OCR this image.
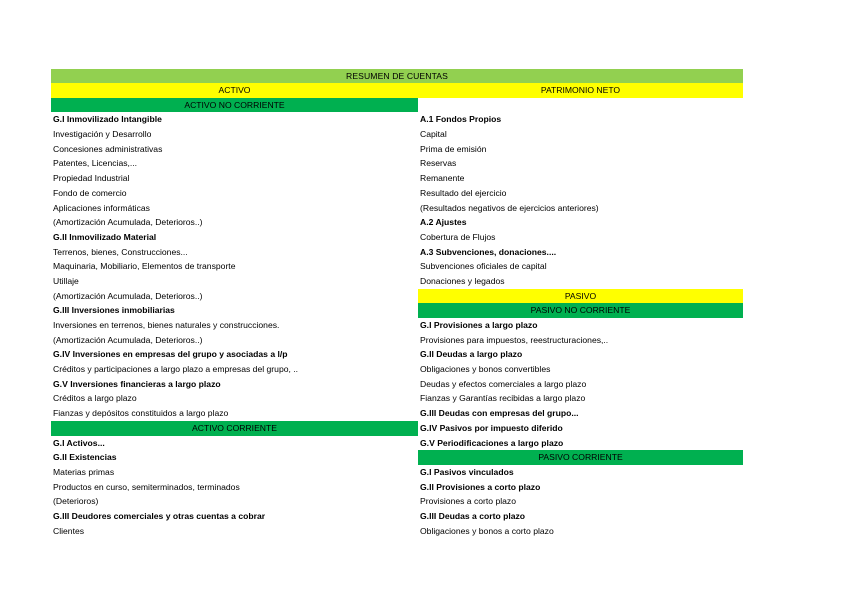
RESUMEN DE CUENTAS
ACTIVO
ACTIVO NO CORRIENTE
G.I Inmovilizado Intangible
Investigación y Desarrollo
Concesiones administrativas
Patentes, Licencias,...
Propiedad Industrial
Fondo de comercio
Aplicaciones informáticas
(Amortización Acumulada, Deterioros..)
G.II Inmovilizado Material
Terrenos, bienes, Construcciones...
Maquinaria, Mobiliario, Elementos de transporte
Utillaje
(Amortización Acumulada, Deterioros..)
G.III Inversiones inmobiliarias
Inversiones en terrenos, bienes naturales y construcciones.
(Amortización Acumulada, Deterioros..)
G.IV Inversiones en empresas del grupo y asociadas a l/p
Créditos y participaciones a largo plazo a empresas del grupo, ..
G.V Inversiones financieras a largo plazo
Créditos a largo plazo
Fianzas y depósitos constituidos a largo plazo
ACTIVO CORRIENTE
G.I Activos...
G.II Existencias
Materias primas
Productos en curso, semiterminados, terminados
(Deterioros)
G.III Deudores comerciales y otras cuentas a cobrar
Clientes
PATRIMONIO NETO
A.1 Fondos Propios
Capital
Prima de emisión
Reservas
Remanente
Resultado del ejercicio
(Resultados negativos de ejercicios anteriores)
A.2 Ajustes
Cobertura de Flujos
A.3 Subvenciones, donaciones....
Subvenciones oficiales de capital
Donaciones y legados
PASIVO
PASIVO NO CORRIENTE
G.I Provisiones a largo plazo
Provisiones para impuestos, reestructuraciones,..
G.II Deudas a largo plazo
Obligaciones y bonos convertibles
Deudas y efectos comerciales a largo plazo
Fianzas y Garantías recibidas a largo plazo
G.III Deudas con empresas del grupo...
G.IV Pasivos por impuesto diferido
G.V Periodificaciones a largo plazo
PASIVO CORRIENTE
G.I Pasivos vinculados
G.II Provisiones a corto plazo
Provisiones a corto plazo
G.III Deudas a corto plazo
Obligaciones y bonos a corto plazo
